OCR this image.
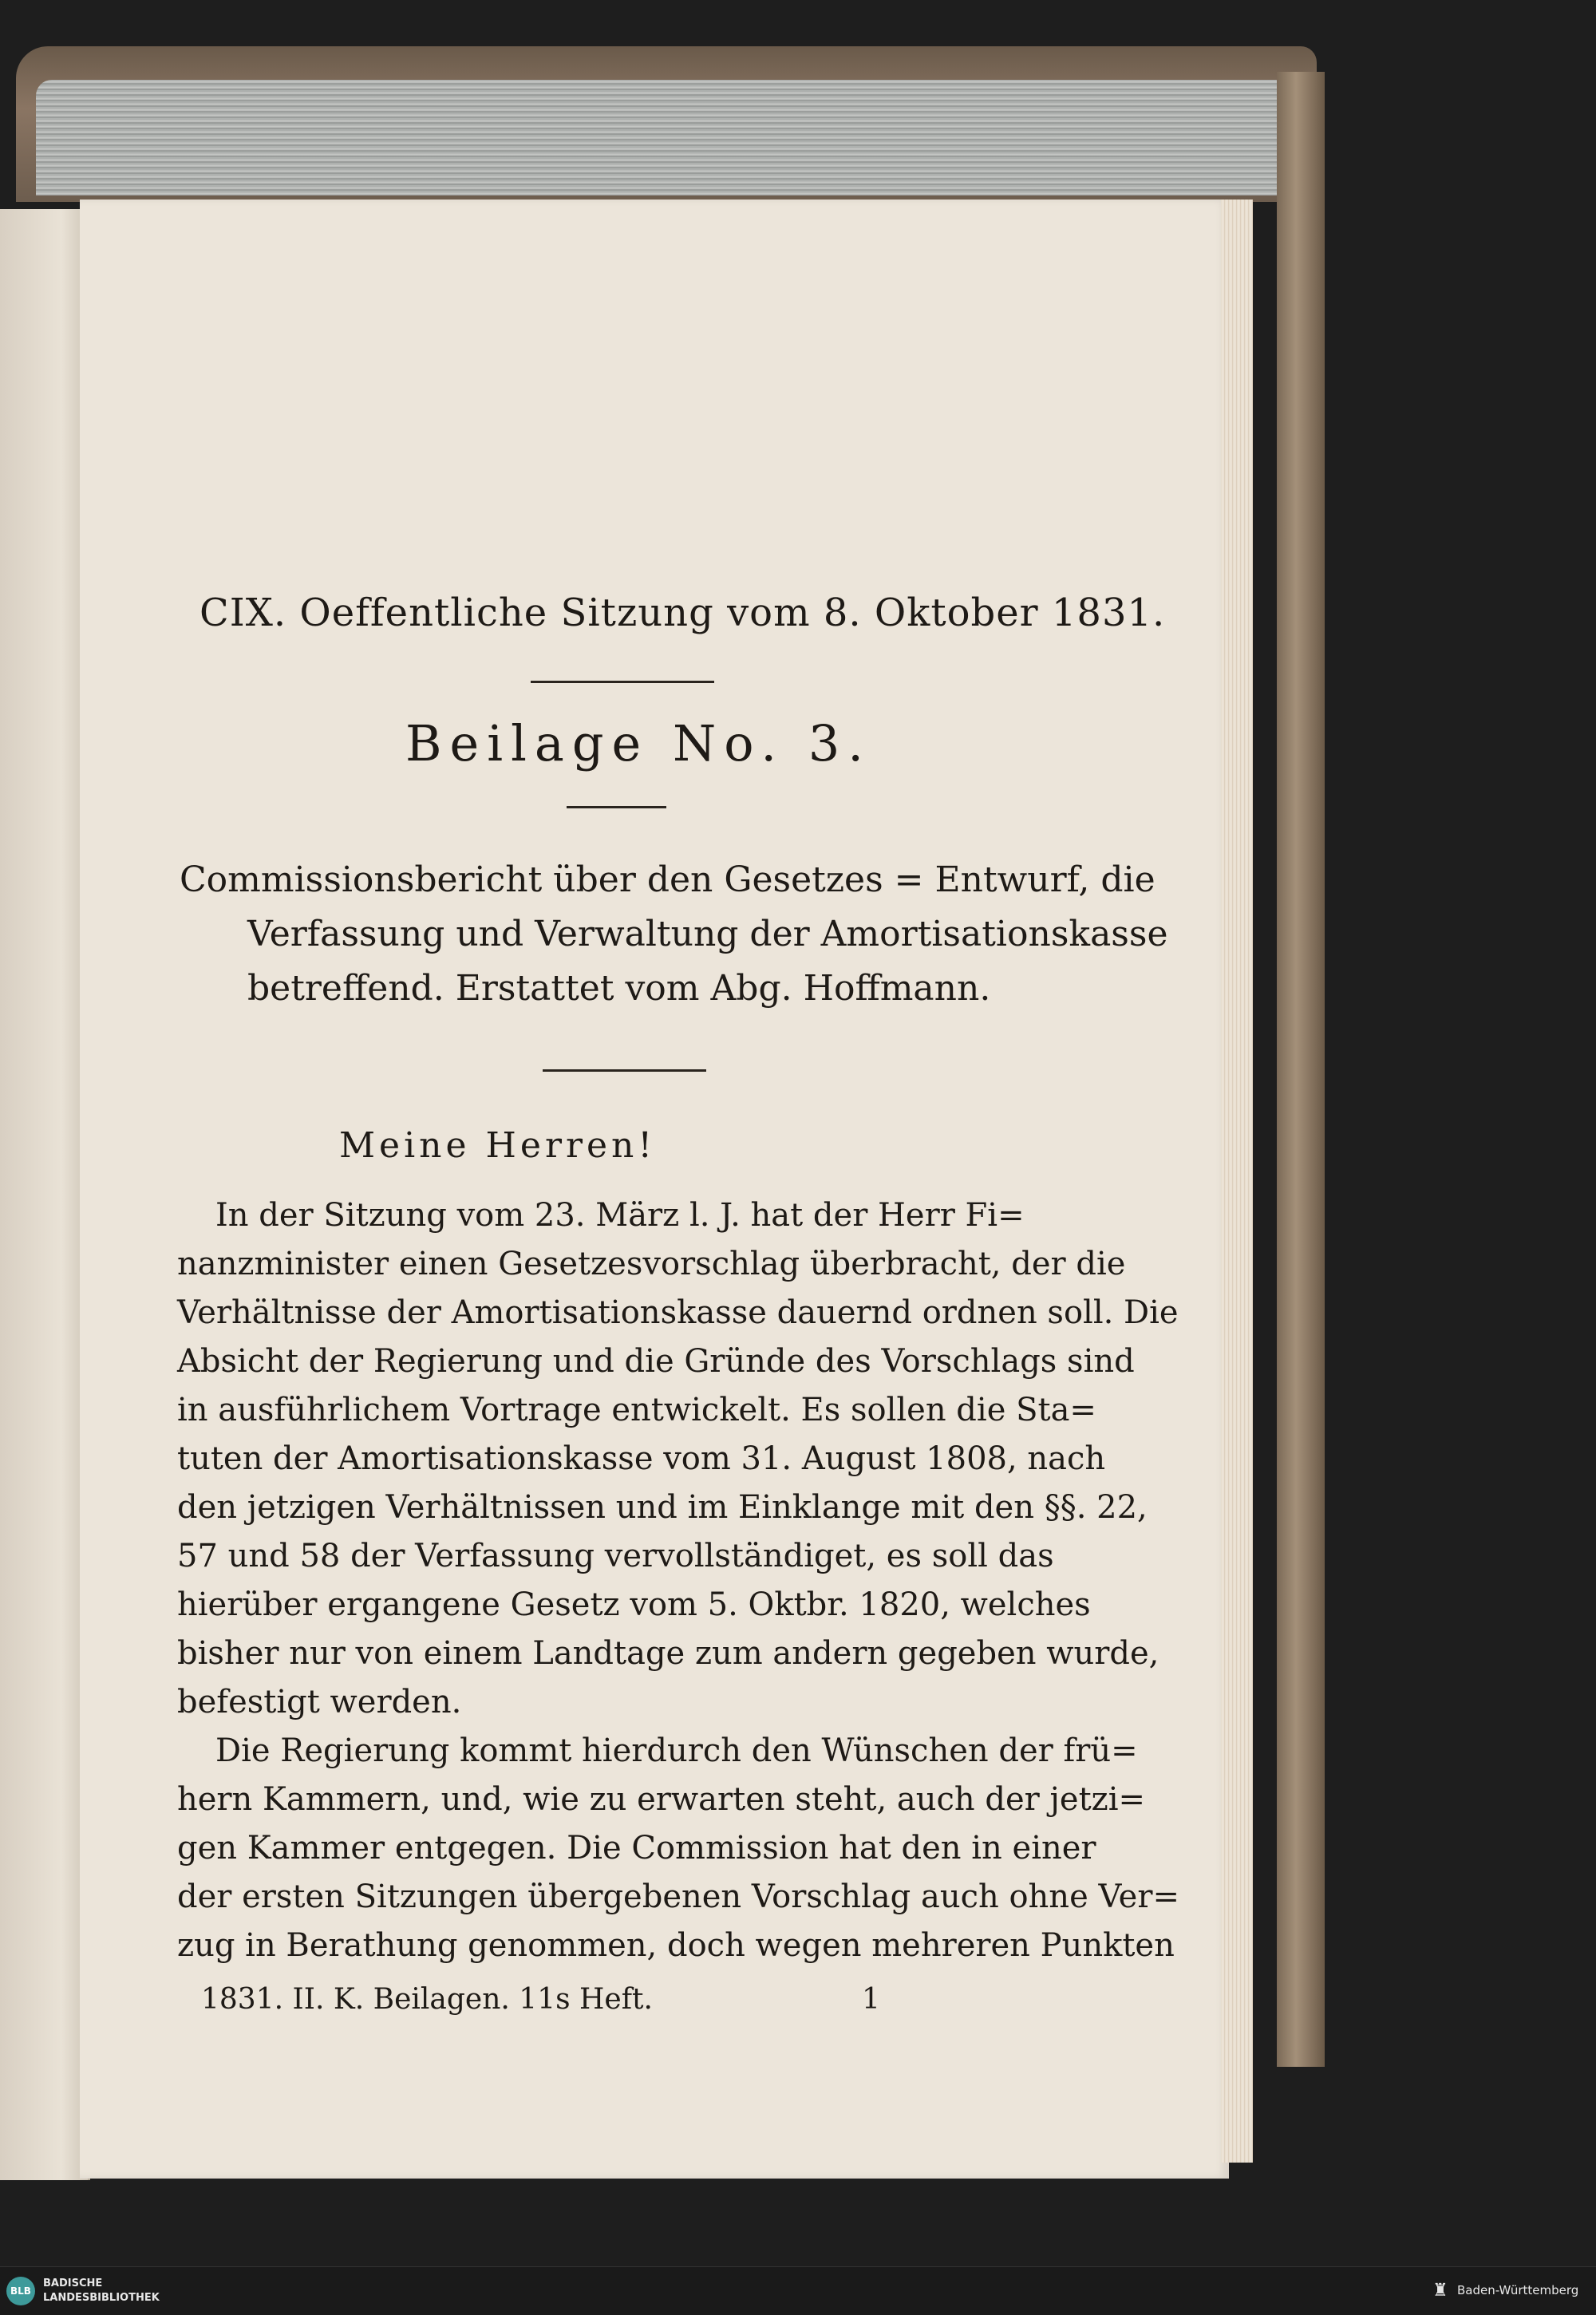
CIX. Oeffentliche Sitzung vom 8. Oktober 1831.
Beilage No. 3.
Commissionsbericht über den Gesetzes = Entwurf, die
Verfassung und Verwaltung der Amortisationskasse
betreffend. Erstattet vom Abg. Hoffmann.
Meine Herren!
In der Sitzung vom 23. März l. J. hat der Herr Fi=
nanzminister einen Gesetzesvorschlag überbracht, der die
Verhältnisse der Amortisationskasse dauernd ordnen soll. Die
Absicht der Regierung und die Gründe des Vorschlags sind
in ausführlichem Vortrage entwickelt. Es sollen die Sta=
tuten der Amortisationskasse vom 31. August 1808, nach
den jetzigen Verhältnissen und im Einklange mit den §§. 22,
57 und 58 der Verfassung vervollständiget, es soll das
hierüber ergangene Gesetz vom 5. Oktbr. 1820, welches
bisher nur von einem Landtage zum andern gegeben wurde,
befestigt werden.
Die Regierung kommt hierdurch den Wünschen der frü=
hern Kammern, und, wie zu erwarten steht, auch der jetzi=
gen Kammer entgegen. Die Commission hat den in einer
der ersten Sitzungen übergebenen Vorschlag auch ohne Ver=
zug in Berathung genommen, doch wegen mehreren Punkten
1831. II. K. Beilagen. 11s Heft.	1
BLB
BADISCHE
LANDESBIBLIOTHEK	♜ Baden-Württemberg
